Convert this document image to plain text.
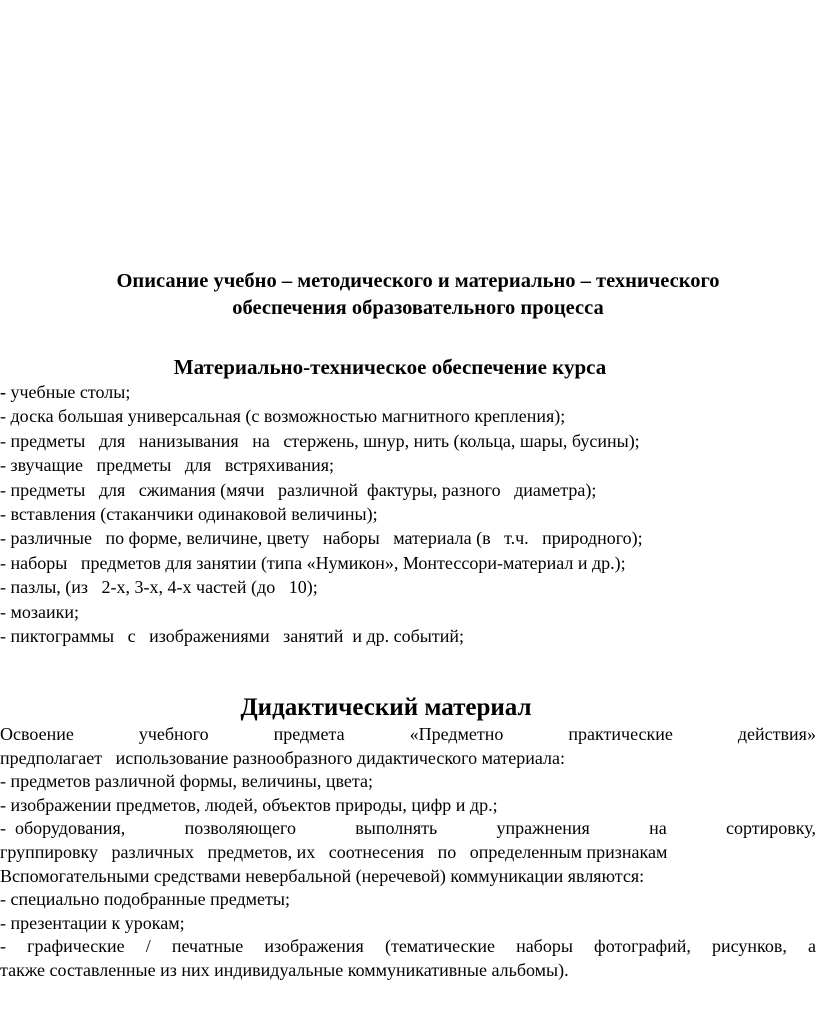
Описание учебно – методического и материально – технического
обеспечения образовательного процесса
Материально-техническое обеспечение курса
- учебные столы;
- доска большая универсальная (с возможностью магнитного крепления);
- предметы   для   нанизывания   на   стержень, шнур, нить (кольца, шары, бусины);
- звучащие   предметы   для   встряхивания;
- предметы   для   сжимания (мячи   различной  фактуры, разного   диаметра);
- вставления (стаканчики одинаковой величины);
- различные   по форме, величине, цвету   наборы   материала (в   т.ч.   природного);
- наборы   предметов для занятии (типа «Нумикон», Монтессори-материал и др.);
- пазлы, (из   2-х, 3-х, 4-х частей (до   10);
- мозаики;
- пиктограммы   с   изображениями   занятий  и др. событий;
Дидактический материал
Освоение	учебного	предмета	«Предметно	практические	действия»
предполагает   использование разнообразного дидактического материала:
- предметов различной формы, величины, цвета;
- изображении предметов, людей, объектов природы, цифр и др.;
-  оборудования,	позволяющего	выполнять	упражнения	на	сортировку,
группировку   различных   предметов, их   соотнесения   по   определенным признакам
Вспомогательными средствами невербальной (неречевой) коммуникации являются:
- специально подобранные предметы;
- презентации к урокам;
- графические / печатные изображения (тематические наборы фотографий, рисунков, а
также составленные из них индивидуальные коммуникативные альбомы).
